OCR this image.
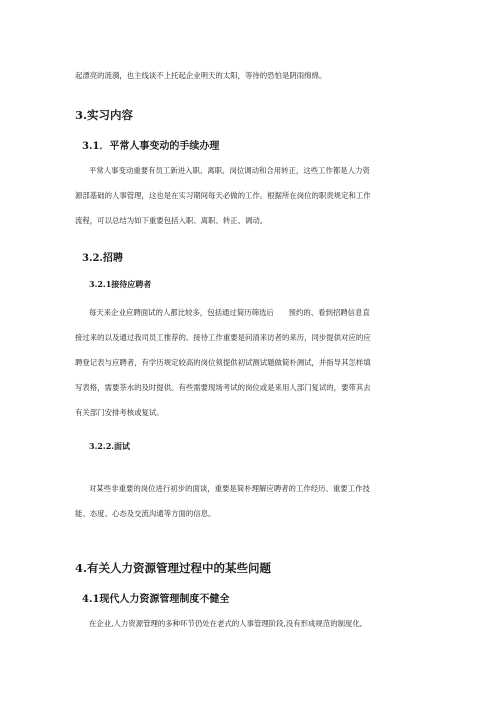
起漂亮的涟漪，也主线谈不上托起企业明天的太阳，等待的恐怕是阴雨绵绵。

3.实习内容
3.1．平常人事变动的手续办理

平常人事变动重要有员工新进入职、离职、岗位调动和合用转正，这些工作都是人力资
源部基础的人事管理，这也是在实习期间每天必做的工作。根据所在岗位的职责规定和工作
流程，可以总结为如下重要包括入职、离职、转正、调动。

3.2.招聘
3.2.1接待应聘者

每天来企业应聘面试的人都比较多，包括通过简历筛选后　　预约的、看到招聘信息直
接过来的以及通过我司员工推荐的。接待工作重要是问清来访者的来历，同步提供对应的应
聘登记表与应聘者，有学历规定较高的岗位须提供初试测试题做简朴测试，并指导其怎样填
写表格，需要茶水的及时提供。有些需要现场考试的岗位或是来用人部门复试的，要带其去
有关部门安排考核或复试。

3.2.2.面试

对某些非重要的岗位进行初步的面谈，重要是简朴理解应聘者的工作经历、重要工作技
能、态度、心态及交流沟通等方面的信息。

4.有关人力资源管理过程中的某些问题
4.1现代人力资源管理制度不健全

在企业,人力资源管理的多种环节仍处在老式的人事管理阶段,没有形成规范的制度化,
